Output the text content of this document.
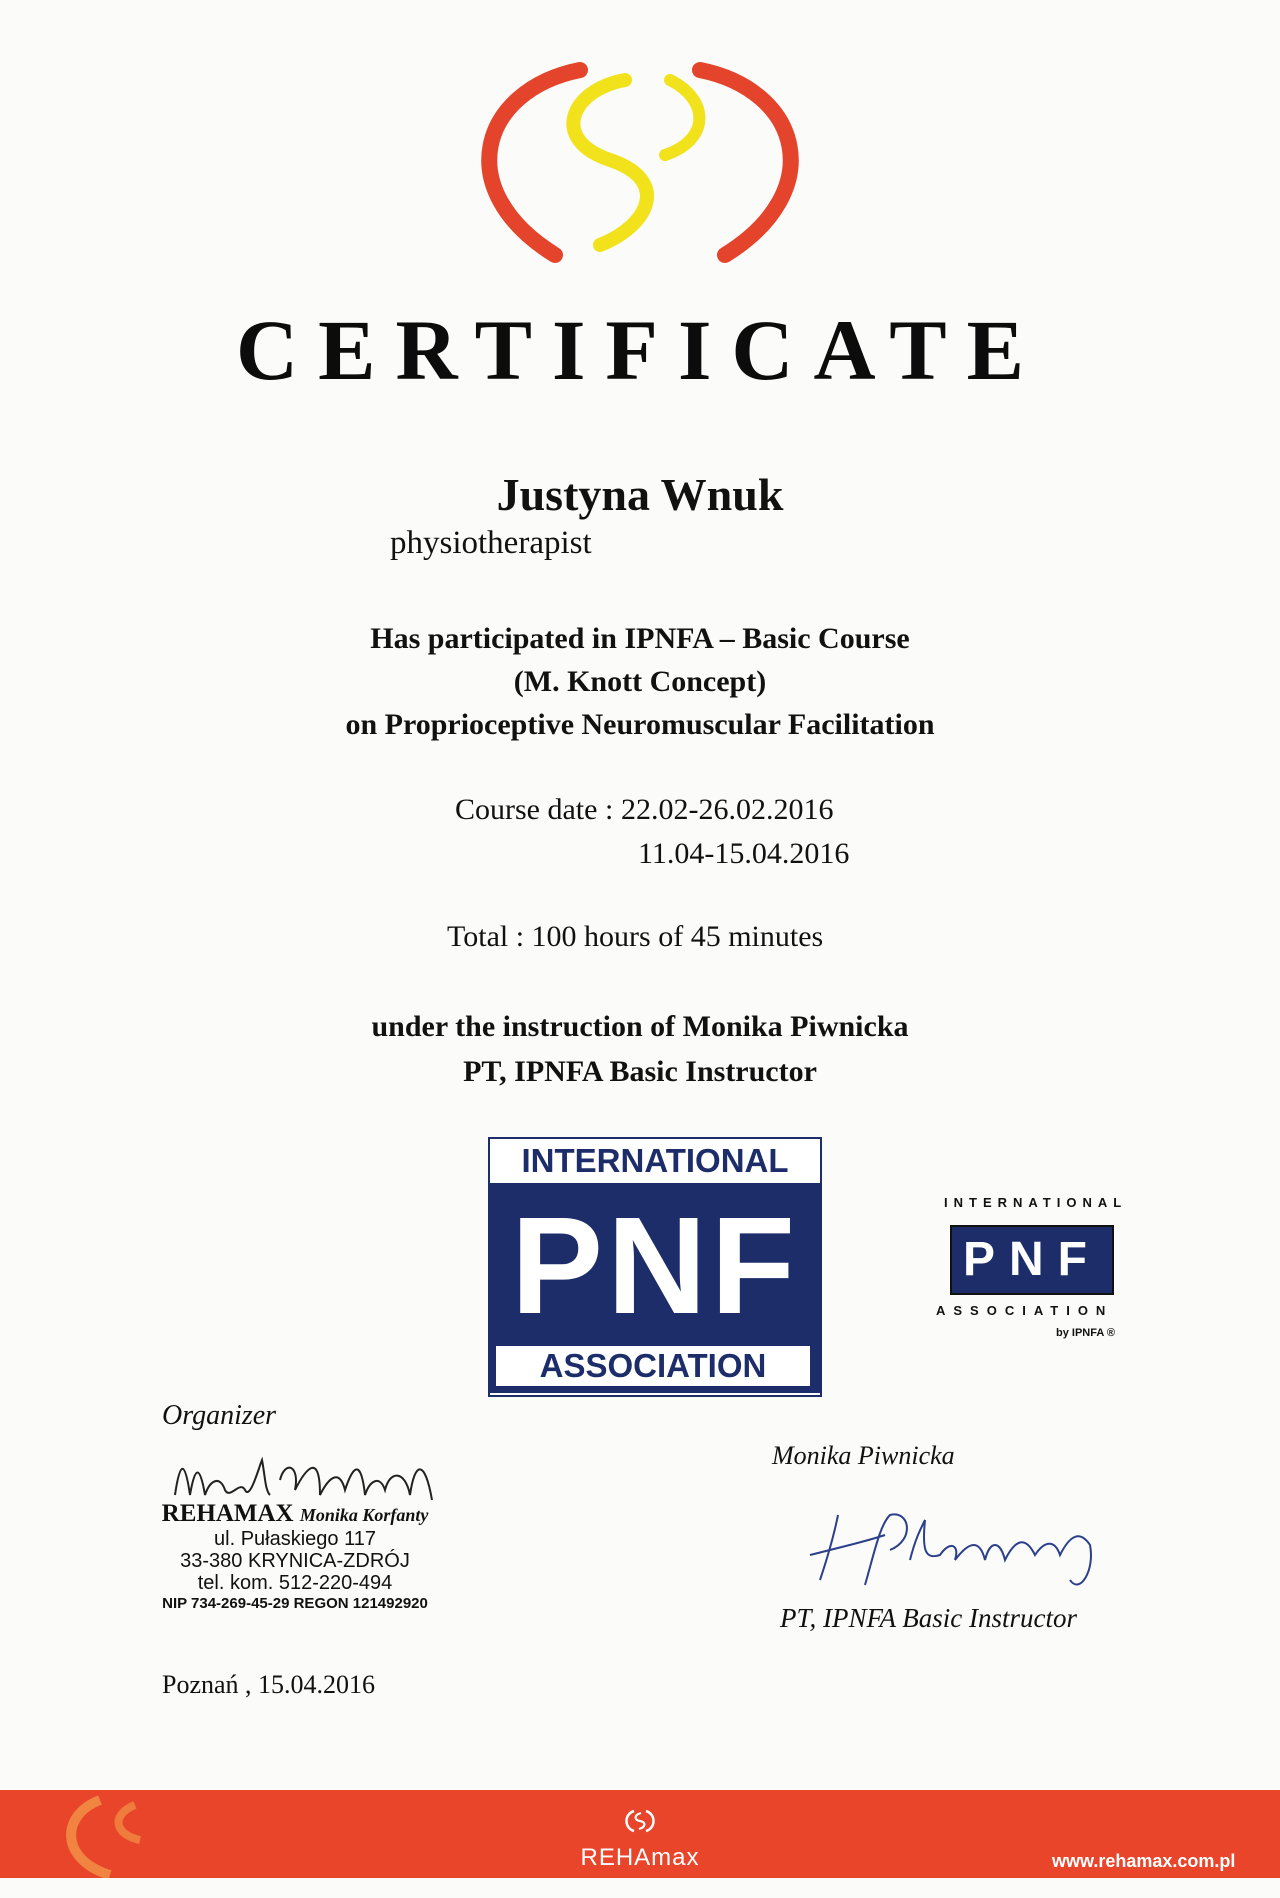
CERTIFICATE
Justyna Wnuk
physiotherapist
Has participated in IPNFA – Basic Course
(M. Knott Concept)
on Proprioceptive Neuromuscular Facilitation
Course date : 22.02-26.02.2016
11.04-15.04.2016
Total : 100 hours of 45 minutes
under the instruction of Monika Piwnicka
PT, IPNFA Basic Instructor
INTERNATIONAL
PNF
ASSOCIATION
INTERNATIONAL
PNF
ASSOCIATION
by IPNFA ®
Organizer
REHAMAX Monika Korfanty
ul. Pułaskiego 117
33-380 KRYNICA-ZDRÓJ
tel. kom. 512-220-494
NIP 734-269-45-29 REGON 121492920
Monika Piwnicka
PT, IPNFA Basic Instructor
Poznań , 15.04.2016
REHAmax	www.rehamax.com.pl
